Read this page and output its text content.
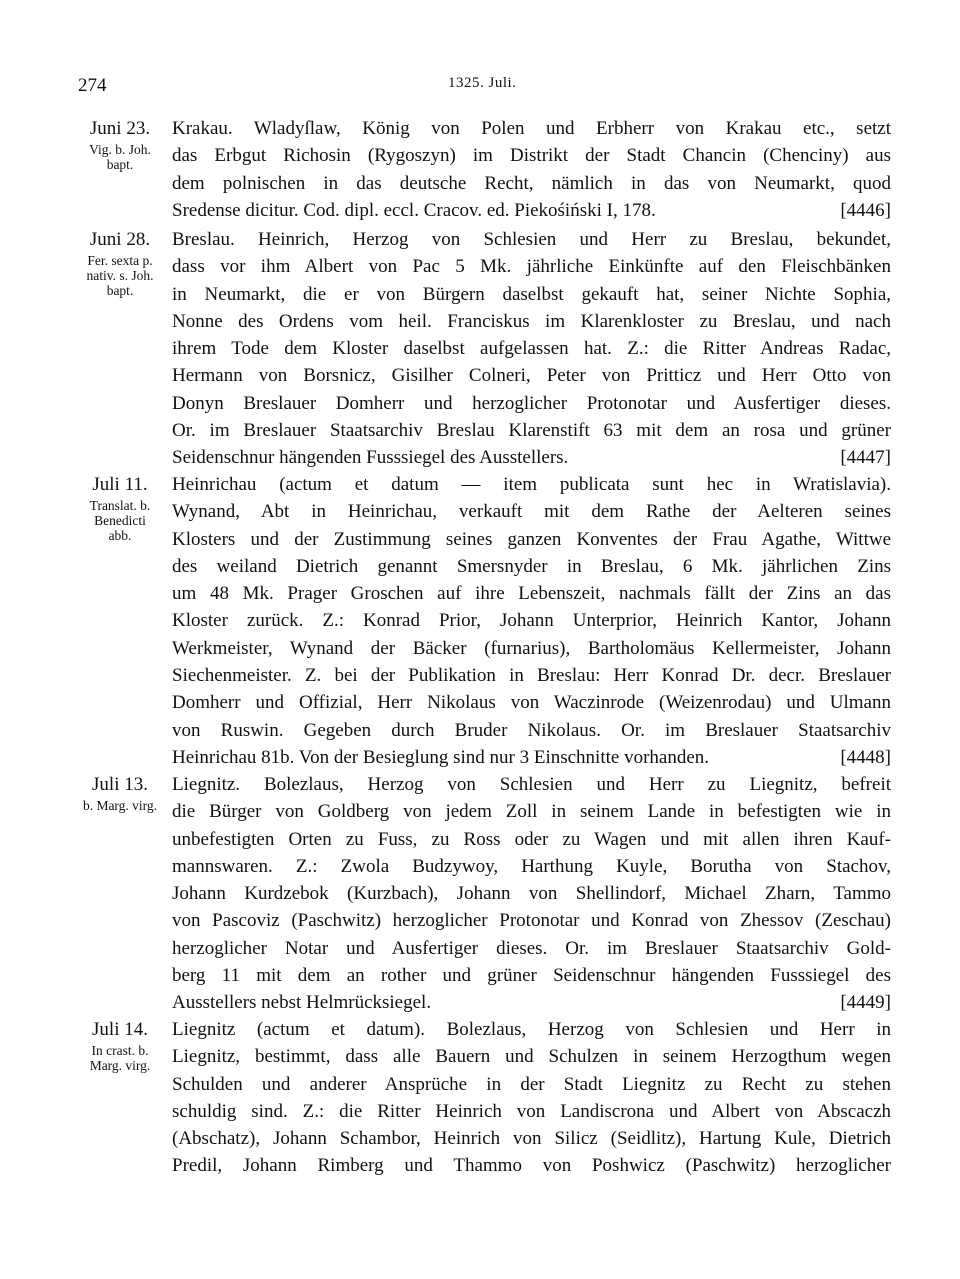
274	1325. Juli.
Juni 23.
Vig. b. Joh.
bapt.
Krakau. Wladyſlaw, König von Polen und Erbherr von Krakau etc., setzt
das Erbgut Richosin (Rygoszyn) im Distrikt der Stadt Chancin (Chenciny) aus
dem polnischen in das deutsche Recht, nämlich in das von Neumarkt, quod
Sredense dicitur. Cod. dipl. eccl. Cracov. ed. Piekośiński I, 178.	[4446]
Juni 28.
Fer. sexta p.
nativ. s. Joh.
bapt.
Breslau. Heinrich, Herzog von Schlesien und Herr zu Breslau, bekundet,
dass vor ihm Albert von Pac 5 Mk. jährliche Einkünfte auf den Fleischbänken
in Neumarkt, die er von Bürgern daselbst gekauft hat, seiner Nichte Sophia,
Nonne des Ordens vom heil. Franciskus im Klarenkloster zu Breslau, und nach
ihrem Tode dem Kloster daselbst aufgelassen hat. Z.: die Ritter Andreas Radac,
Hermann von Borsnicz, Gisilher Colneri, Peter von Pritticz und Herr Otto von
Donyn Breslauer Domherr und herzoglicher Protonotar und Ausfertiger dieses.
Or. im Breslauer Staatsarchiv Breslau Klarenstift 63 mit dem an rosa und grüner
Seidenschnur hängenden Fusssiegel des Ausstellers.	[4447]
Juli 11.
Translat. b.
Benedicti
abb.
Heinrichau (actum et datum — item publicata sunt hec in Wratislavia).
Wynand, Abt in Heinrichau, verkauft mit dem Rathe der Aelteren seines
Klosters und der Zustimmung seines ganzen Konventes der Frau Agathe, Wittwe
des weiland Dietrich genannt Smersnyder in Breslau, 6 Mk. jährlichen Zins
um 48 Mk. Prager Groschen auf ihre Lebenszeit, nachmals fällt der Zins an das
Kloster zurück. Z.: Konrad Prior, Johann Unterprior, Heinrich Kantor, Johann
Werkmeister, Wynand der Bäcker (furnarius), Bartholomäus Kellermeister, Johann
Siechenmeister. Z. bei der Publikation in Breslau: Herr Konrad Dr. decr. Breslauer
Domherr und Offizial, Herr Nikolaus von Waczinrode (Weizenrodau) und Ulmann
von Ruswin. Gegeben durch Bruder Nikolaus. Or. im Breslauer Staatsarchiv
Heinrichau 81b. Von der Besieglung sind nur 3 Einschnitte vorhanden.	[4448]
Juli 13.
b. Marg. virg.
Liegnitz. Bolezlaus, Herzog von Schlesien und Herr zu Liegnitz, befreit
die Bürger von Goldberg von jedem Zoll in seinem Lande in befestigten wie in
unbefestigten Orten zu Fuss, zu Ross oder zu Wagen und mit allen ihren Kauf-
mannswaren. Z.: Zwola Budzywoy, Harthung Kuyle, Borutha von Stachov,
Johann Kurdzebok (Kurzbach), Johann von Shellindorf, Michael Zharn, Tammo
von Pascoviz (Paschwitz) herzoglicher Protonotar und Konrad von Zhessov (Zeschau)
herzoglicher Notar und Ausfertiger dieses. Or. im Breslauer Staatsarchiv Gold-
berg 11 mit dem an rother und grüner Seidenschnur hängenden Fusssiegel des
Ausstellers nebst Helmrücksiegel.	[4449]
Juli 14.
In crast. b.
Marg. virg.
Liegnitz (actum et datum). Bolezlaus, Herzog von Schlesien und Herr in
Liegnitz, bestimmt, dass alle Bauern und Schulzen in seinem Herzogthum wegen
Schulden und anderer Ansprüche in der Stadt Liegnitz zu Recht zu stehen
schuldig sind. Z.: die Ritter Heinrich von Landiscrona und Albert von Abscaczh
(Abschatz), Johann Schambor, Heinrich von Silicz (Seidlitz), Hartung Kule, Dietrich
Predil, Johann Rimberg und Thammo von Poshwicz (Paschwitz) herzoglicher
